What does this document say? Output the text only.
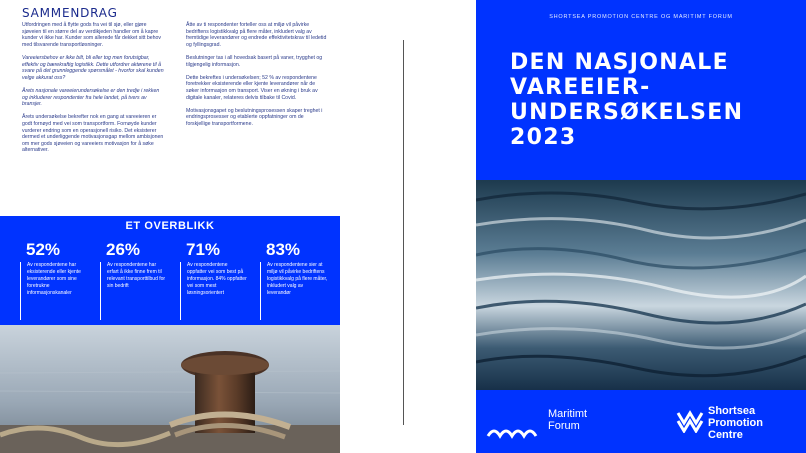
SAMMENDRAG

Utfordringen med å flytte gods fra vei til sjø, eller gjøre sjøveien til en større del av verdikjeden handler om å kapre kunder vi ikke har. Kunder som allerede får dekket sitt behov med tilsvarende transportløsninger.

Vareeiersbehov er ikke bilt, bli eller tog men forutsigbar, effektiv og bærekraftig logistikk. Dette utfordrer aktørene til å svare på det grunnleggende spørsmålet - hvorfor skal kunden velge akkurat oss?

Årets nasjonale vareeierundersøkelse er den tredje i rekken og inkluderer respondenter fra hele landet, på tvers av bransjer.

Årets undersøkelse bekrefter nok en gang at vareeieren er godt fornøyd med vei som transportform. Fornøyde kunder vurderer endring som en operasjonell risiko. Det eksisterer dermed et underliggende motivasjonsgap mellom ambisjonen om mer gods sjøveien og vareeiers motivasjon for å søke alternativer.

Åtte av ti respondenter forteller oss at miljø vil påvirke bedriftens logistikkvalg på flere måter, inkludert valg av fremtidige leverandører og endrede effektivitetskrav til ledetid og fyllingsgrad.

Beslutninger tas i all hovedsak basert på vaner, trygghet og tilgjengelig informasjon.

Dette bekreftes i undersøkelsen; 52 % av respondentene foretrekker eksisterende eller kjente leverandører når de søker informasjon om transport. Viser en økning i bruk av digitale kanaler, relateres delvis tilbake til Covid.

Motivasjonsgapet og beslutningsprosessen skaper treghet i endringsprosesser og etablerte oppfatninger om de forskjellige transportformene.

ET OVERBLIKK
52%
Av respondentene har eksisterende eller kjente leverandører som sine foretrukne informasjonskanaler
26%
Av respondentene har erfart å ikke finne frem til relevant transporttilbud for sin bedrift
71%
Av respondentene oppfatter vei som best på informasjon. 84% oppfatter vei som mest løsningsorientert
83%
Av respondentene sier at miljø vil påvirke bedriftens logistikkvalg på flere måter, inkludert valg av leverandør
SHORTSEA PROMOTION CENTRE OG MARITIMT FORUM
DEN NASJONALE
VAREEIER-
UNDERSØKELSEN
2023
Maritimt
Forum
Shortsea
Promotion
Centre
